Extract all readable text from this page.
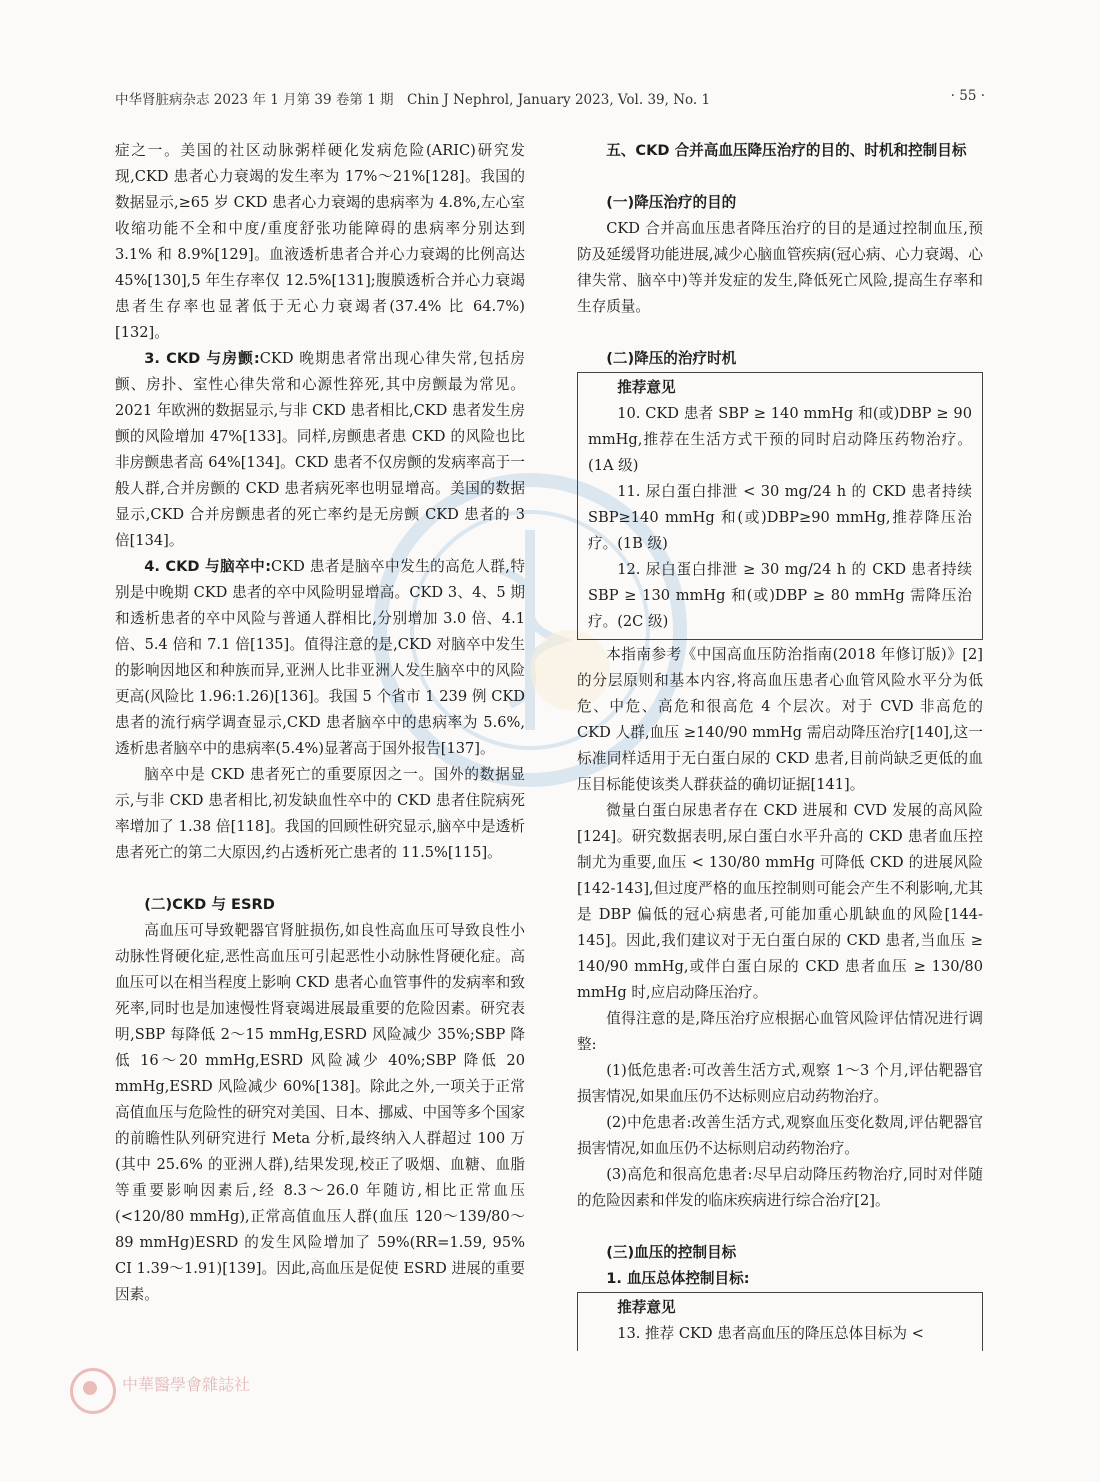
中华肾脏病杂志 2023 年 1 月第 39 卷第 1 期　Chin J Nephrol, January 2023, Vol. 39, No. 1	· 55 ·

症之一。美国的社区动脉粥样硬化发病危险(ARIC)研究发现,CKD 患者心力衰竭的发生率为 17%～21%[128]。我国的数据显示,≥65 岁 CKD 患者心力衰竭的患病率为 4.8%,左心室收缩功能不全和中度/重度舒张功能障碍的患病率分别达到 3.1% 和 8.9%[129]。血液透析患者合并心力衰竭的比例高达 45%[130],5 年生存率仅 12.5%[131];腹膜透析合并心力衰竭患者生存率也显著低于无心力衰竭者(37.4% 比 64.7%)[132]。

3. CKD 与房颤:CKD 晚期患者常出现心律失常,包括房颤、房扑、室性心律失常和心源性猝死,其中房颤最为常见。2021 年欧洲的数据显示,与非 CKD 患者相比,CKD 患者发生房颤的风险增加 47%[133]。同样,房颤患者患 CKD 的风险也比非房颤患者高 64%[134]。CKD 患者不仅房颤的发病率高于一般人群,合并房颤的 CKD 患者病死率也明显增高。美国的数据显示,CKD 合并房颤患者的死亡率约是无房颤 CKD 患者的 3 倍[134]。

4. CKD 与脑卒中:CKD 患者是脑卒中发生的高危人群,特别是中晚期 CKD 患者的卒中风险明显增高。CKD 3、4、5 期和透析患者的卒中风险与普通人群相比,分别增加 3.0 倍、4.1 倍、5.4 倍和 7.1 倍[135]。值得注意的是,CKD 对脑卒中发生的影响因地区和种族而异,亚洲人比非亚洲人发生脑卒中的风险更高(风险比 1.96:1.26)[136]。我国 5 个省市 1 239 例 CKD 患者的流行病学调查显示,CKD 患者脑卒中的患病率为 5.6%,透析患者脑卒中的患病率(5.4%)显著高于国外报告[137]。

脑卒中是 CKD 患者死亡的重要原因之一。国外的数据显示,与非 CKD 患者相比,初发缺血性卒中的 CKD 患者住院病死率增加了 1.38 倍[118]。我国的回顾性研究显示,脑卒中是透析患者死亡的第二大原因,约占透析死亡患者的 11.5%[115]。

(二)CKD 与 ESRD

高血压可导致靶器官肾脏损伤,如良性高血压可导致良性小动脉性肾硬化症,恶性高血压可引起恶性小动脉性肾硬化症。高血压可以在相当程度上影响 CKD 患者心血管事件的发病率和致死率,同时也是加速慢性肾衰竭进展最重要的危险因素。研究表明,SBP 每降低 2～15 mmHg,ESRD 风险减少 35%;SBP 降低 16～20 mmHg,ESRD 风险减少 40%;SBP 降低 20 mmHg,ESRD 风险减少 60%[138]。除此之外,一项关于正常高值血压与危险性的研究对美国、日本、挪威、中国等多个国家的前瞻性队列研究进行 Meta 分析,最终纳入人群超过 100 万(其中 25.6% 的亚洲人群),结果发现,校正了吸烟、血糖、血脂等重要影响因素后,经 8.3～26.0 年随访,相比正常血压(<120/80 mmHg),正常高值血压人群(血压 120～139/80～89 mmHg)ESRD 的发生风险增加了 59%(RR=1.59, 95% CI 1.39～1.91)[139]。因此,高血压是促使 ESRD 进展的重要因素。

五、CKD 合并高血压降压治疗的目的、时机和控制目标
(一)降压治疗的目的

CKD 合并高血压患者降压治疗的目的是通过控制血压,预防及延缓肾功能进展,减少心脑血管疾病(冠心病、心力衰竭、心律失常、脑卒中)等并发症的发生,降低死亡风险,提高生存率和生存质量。

(二)降压的治疗时机
推荐意见

10. CKD 患者 SBP ≥ 140 mmHg 和(或)DBP ≥ 90 mmHg,推荐在生活方式干预的同时启动降压药物治疗。(1A 级)

11. 尿白蛋白排泄 < 30 mg/24 h 的 CKD 患者持续 SBP≥140 mmHg 和(或)DBP≥90 mmHg,推荐降压治疗。(1B 级)

12. 尿白蛋白排泄 ≥ 30 mg/24 h 的 CKD 患者持续 SBP ≥ 130 mmHg 和(或)DBP ≥ 80 mmHg 需降压治疗。(2C 级)

本指南参考《中国高血压防治指南(2018 年修订版)》[2]的分层原则和基本内容,将高血压患者心血管风险水平分为低危、中危、高危和很高危 4 个层次。对于 CVD 非高危的 CKD 人群,血压 ≥140/90 mmHg 需启动降压治疗[140],这一标准同样适用于无白蛋白尿的 CKD 患者,目前尚缺乏更低的血压目标能使该类人群获益的确切证据[141]。

微量白蛋白尿患者存在 CKD 进展和 CVD 发展的高风险[124]。研究数据表明,尿白蛋白水平升高的 CKD 患者血压控制尤为重要,血压 < 130/80 mmHg 可降低 CKD 的进展风险[142-143],但过度严格的血压控制则可能会产生不利影响,尤其是 DBP 偏低的冠心病患者,可能加重心肌缺血的风险[144-145]。因此,我们建议对于无白蛋白尿的 CKD 患者,当血压 ≥ 140/90 mmHg,或伴白蛋白尿的 CKD 患者血压 ≥ 130/80 mmHg 时,应启动降压治疗。

值得注意的是,降压治疗应根据心血管风险评估情况进行调整:

(1)低危患者:可改善生活方式,观察 1～3 个月,评估靶器官损害情况,如果血压仍不达标则应启动药物治疗。

(2)中危患者:改善生活方式,观察血压变化数周,评估靶器官损害情况,如血压仍不达标则启动药物治疗。

(3)高危和很高危患者:尽早启动降压药物治疗,同时对伴随的危险因素和伴发的临床疾病进行综合治疗[2]。

(三)血压的控制目标
1. 血压总体控制目标:
推荐意见

13. 推荐 CKD 患者高血压的降压总体目标为 <

中華醫學會雜誌社
